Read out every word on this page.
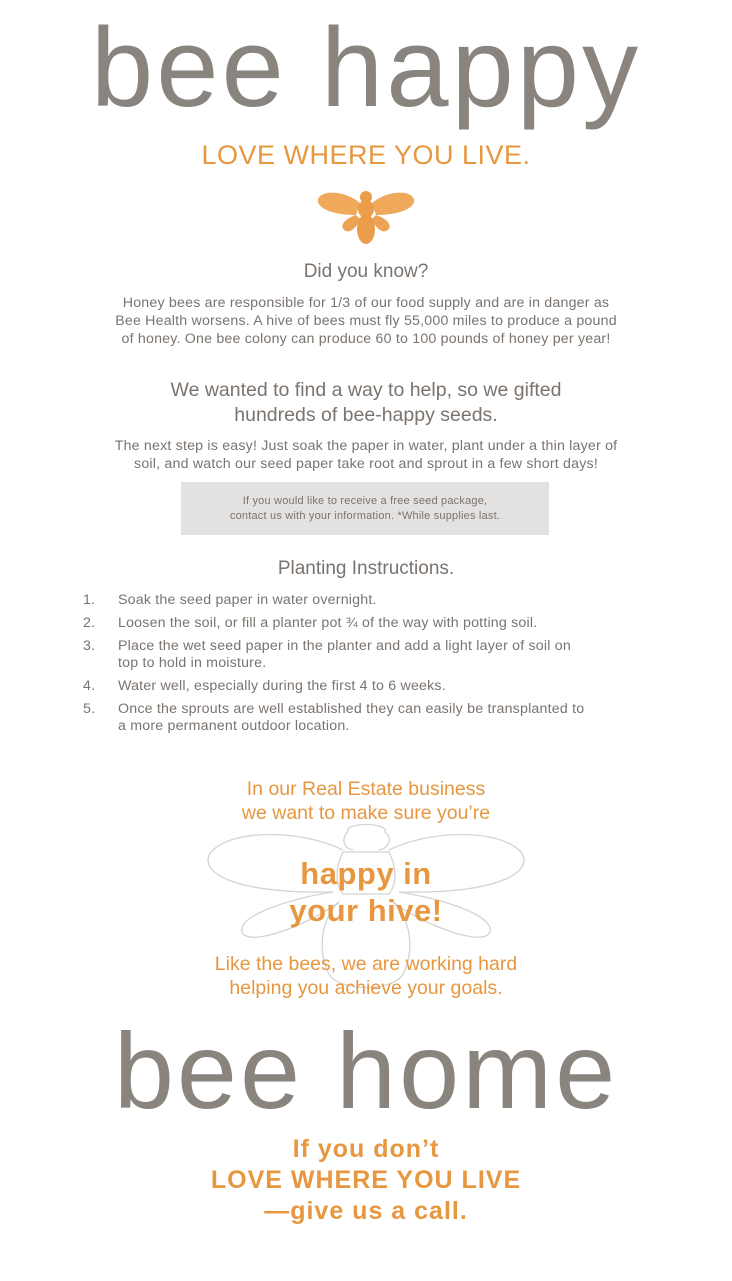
bee happy
LOVE WHERE YOU LIVE.
Did you know?
Honey bees are responsible for 1/3 of our food supply and are in danger as
Bee Health worsens. A hive of bees must fly 55,000 miles to produce a pound
of honey. One bee colony can produce 60 to 100 pounds of honey per year!
We wanted to find a way to help, so we gifted
hundreds of bee-happy seeds.
The next step is easy! Just soak the paper in water, plant under a thin layer of
soil, and watch our seed paper take root and sprout in a few short days!
If you would like to receive a free seed package,
contact us with your information. *While supplies last.
Planting Instructions.
1. Soak the seed paper in water overnight.
2. Loosen the soil, or fill a planter pot ¾ of the way with potting soil.
3. Place the wet seed paper in the planter and add a light layer of soil on
top to hold in moisture.
4. Water well, especially during the first 4 to 6 weeks.
5. Once the sprouts are well established they can easily be transplanted to
a more permanent outdoor location.
In our Real Estate business
we want to make sure you’re
happy in
your hive!
Like the bees, we are working hard
helping you achieve your goals.
bee home
If you don’t
LOVE WHERE YOU LIVE
—give us a call.
